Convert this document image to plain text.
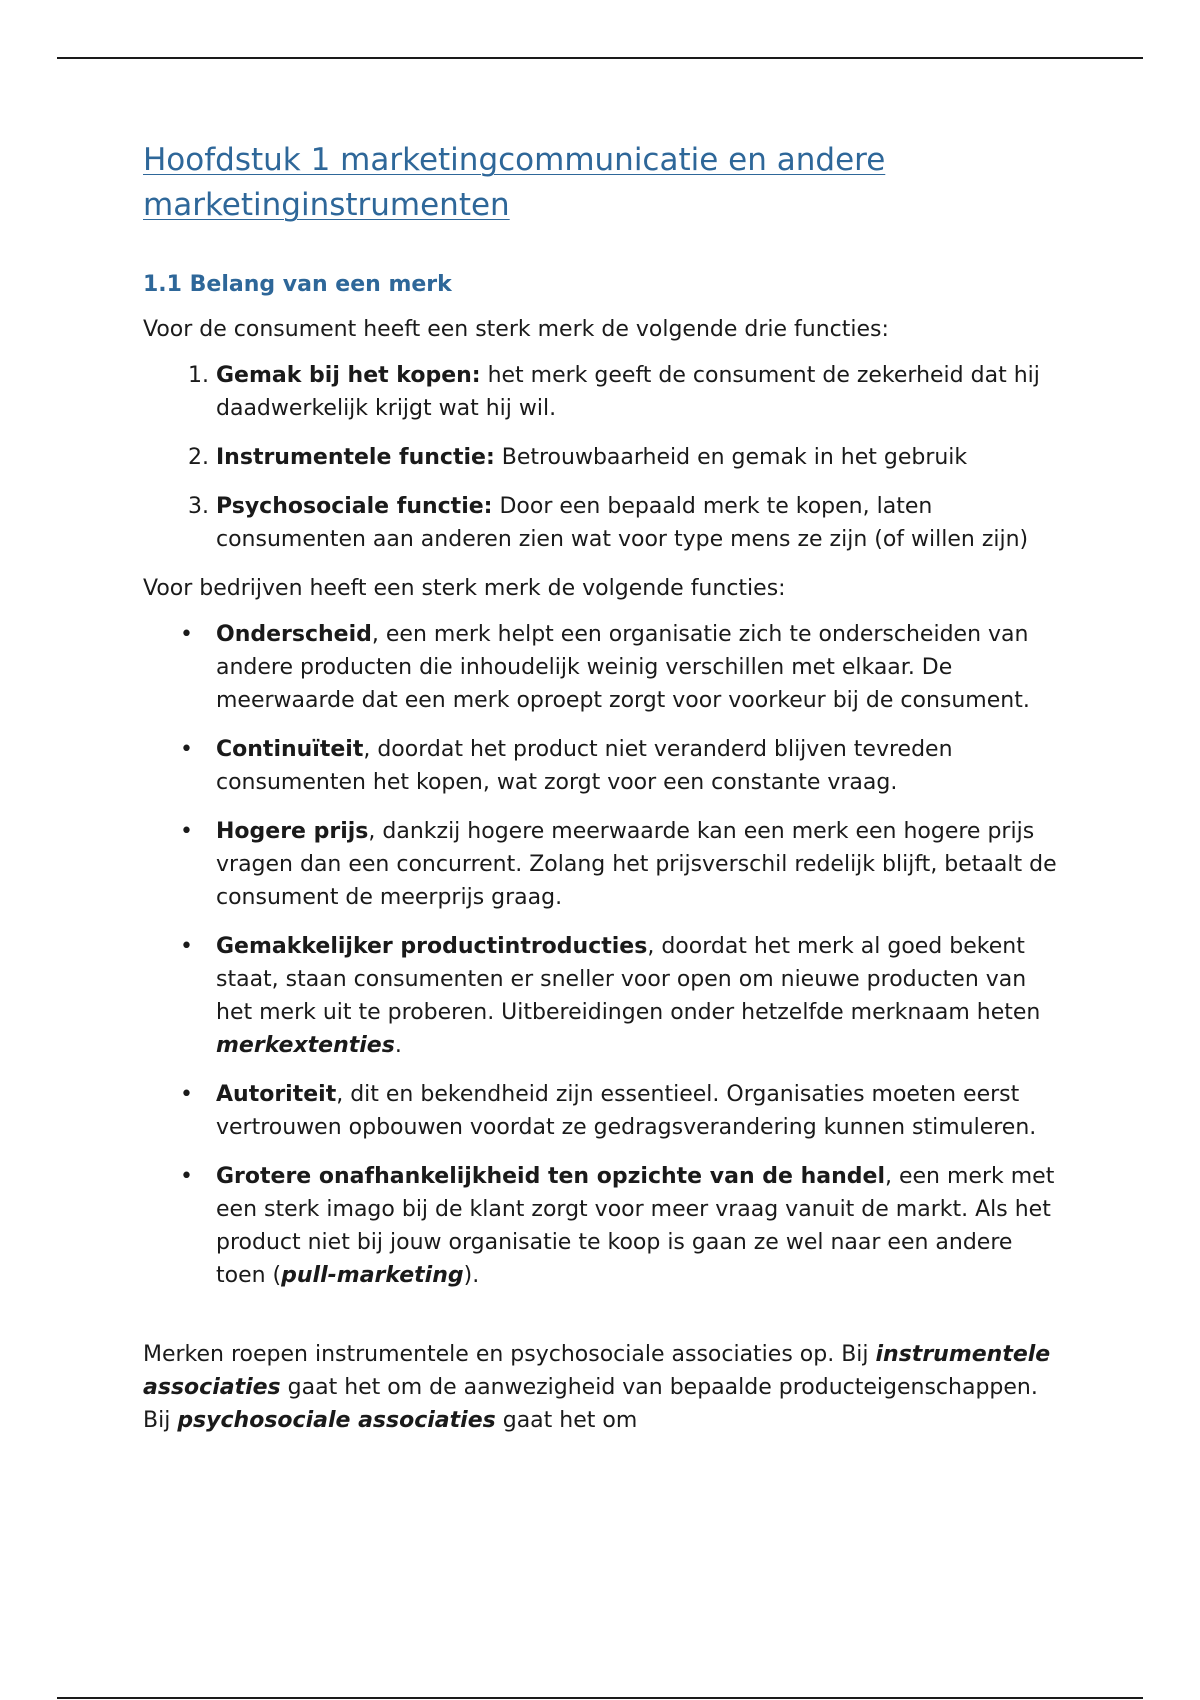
Hoofdstuk 1 marketingcommunicatie en andere
marketinginstrumenten
1.1 Belang van een merk

Voor de consument heeft een sterk merk de volgende drie functies:

1. Gemak bij het kopen: het merk geeft de consument de zekerheid dat hij daadwerkelijk krijgt wat hij wil.
2. Instrumentele functie: Betrouwbaarheid en gemak in het gebruik
3. Psychosociale functie: Door een bepaald merk te kopen, laten consumenten aan anderen zien wat voor type mens ze zijn (of willen zijn)

Voor bedrijven heeft een sterk merk de volgende functies:

• Onderscheid, een merk helpt een organisatie zich te onderscheiden van andere producten die inhoudelijk weinig verschillen met elkaar. De meerwaarde dat een merk oproept zorgt voor voorkeur bij de consument.
• Continuïteit, doordat het product niet veranderd blijven tevreden consumenten het kopen, wat zorgt voor een constante vraag.
• Hogere prijs, dankzij hogere meerwaarde kan een merk een hogere prijs vragen dan een concurrent. Zolang het prijsverschil redelijk blijft, betaalt de consument de meerprijs graag.
• Gemakkelijker productintroducties, doordat het merk al goed bekent staat, staan consumenten er sneller voor open om nieuwe producten van het merk uit te proberen. Uitbereidingen onder hetzelfde merknaam heten merkextenties.
• Autoriteit, dit en bekendheid zijn essentieel. Organisaties moeten eerst vertrouwen opbouwen voordat ze gedragsverandering kunnen stimuleren.
• Grotere onafhankelijkheid ten opzichte van de handel, een merk met een sterk imago bij de klant zorgt voor meer vraag vanuit de markt. Als het product niet bij jouw organisatie te koop is gaan ze wel naar een andere toen (pull-marketing).

Merken roepen instrumentele en psychosociale associaties op. Bij instrumentele associaties gaat het om de aanwezigheid van bepaalde producteigenschappen. Bij psychosociale associaties gaat het om
